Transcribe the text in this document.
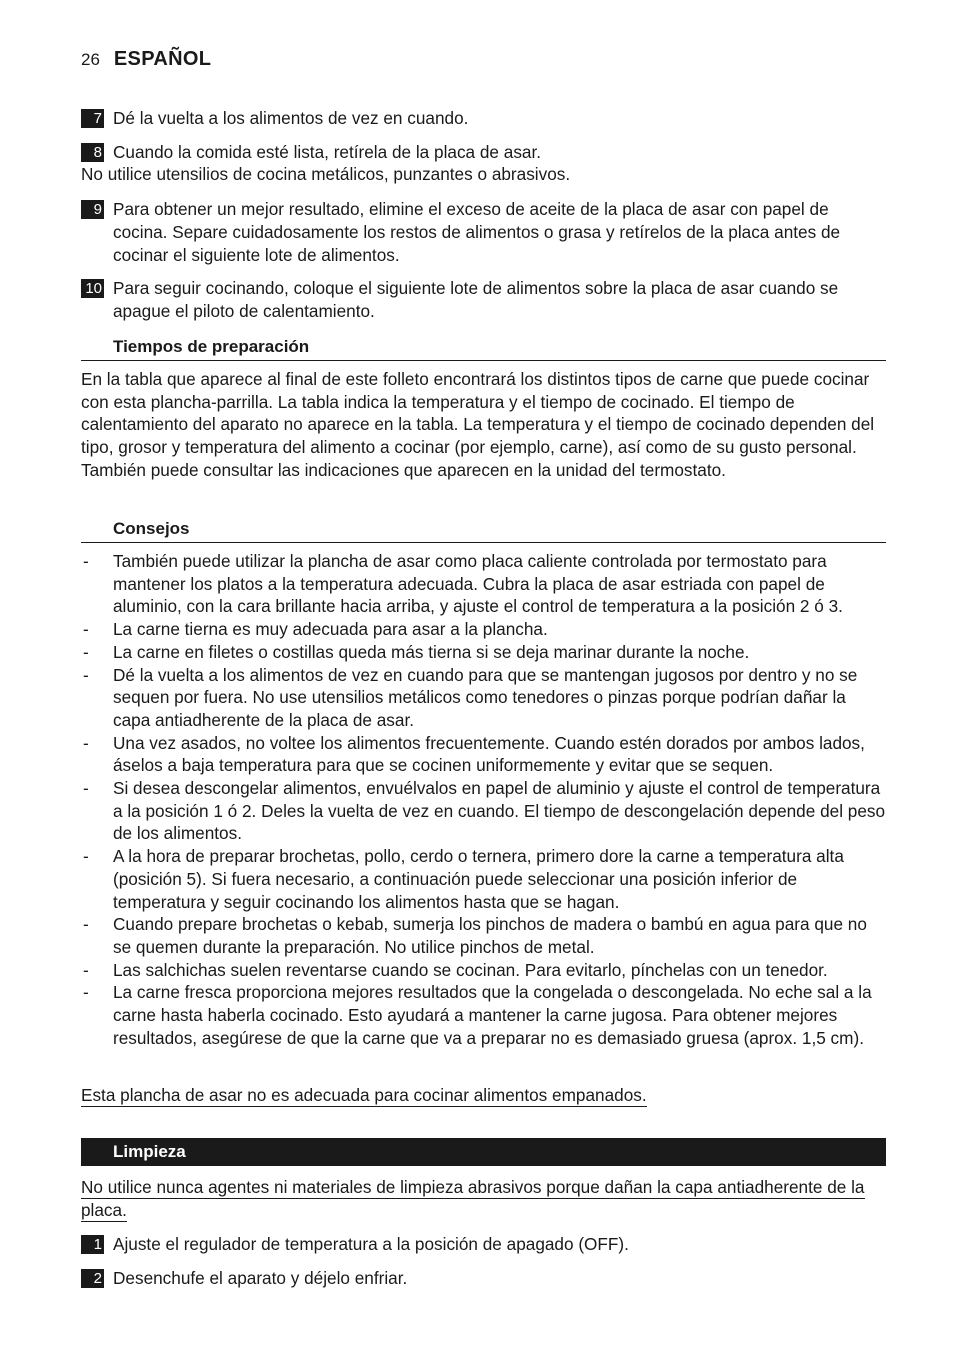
26 ESPAÑOL
7 Dé la vuelta a los alimentos de vez en cuando.
8 Cuando la comida esté lista, retírela de la placa de asar.
No utilice utensilios de cocina metálicos, punzantes o abrasivos.
9 Para obtener un mejor resultado, elimine el exceso de aceite de la placa de asar con papel de cocina. Separe cuidadosamente los restos de alimentos o grasa y retírelos de la placa antes de cocinar el siguiente lote de alimentos.
10 Para seguir cocinando, coloque el siguiente lote de alimentos sobre la placa de asar cuando se apague el piloto de calentamiento.
Tiempos de preparación
En la tabla que aparece al final de este folleto encontrará los distintos tipos de carne que puede cocinar con esta plancha-parrilla. La tabla indica la temperatura y el tiempo de cocinado. El tiempo de calentamiento del aparato no aparece en la tabla. La temperatura y el tiempo de cocinado dependen del tipo, grosor y temperatura del alimento a cocinar (por ejemplo, carne), así como de su gusto personal. También puede consultar las indicaciones que aparecen en la unidad del termostato.
Consejos
- También puede utilizar la plancha de asar como placa caliente controlada por termostato para mantener los platos a la temperatura adecuada. Cubra la placa de asar estriada con papel de aluminio, con la cara brillante hacia arriba, y ajuste el control de temperatura a la posición 2 ó 3.
- La carne tierna es muy adecuada para asar a la plancha.
- La carne en filetes o costillas queda más tierna si se deja marinar durante la noche.
- Dé la vuelta a los alimentos de vez en cuando para que se mantengan jugosos por dentro y no se sequen por fuera. No use utensilios metálicos como tenedores o pinzas porque podrían dañar la capa antiadherente de la placa de asar.
- Una vez asados, no voltee los alimentos frecuentemente. Cuando estén dorados por ambos lados, áselos a baja temperatura para que se cocinen uniformemente y evitar que se sequen.
- Si desea descongelar alimentos, envuélvalos en papel de aluminio y ajuste el control de temperatura a la posición 1 ó 2. Deles la vuelta de vez en cuando. El tiempo de descongelación depende del peso de los alimentos.
- A la hora de preparar brochetas, pollo, cerdo o ternera, primero dore la carne a temperatura alta (posición 5). Si fuera necesario, a continuación puede seleccionar una posición inferior de temperatura y seguir cocinando los alimentos hasta que se hagan.
- Cuando prepare brochetas o kebab, sumerja los pinchos de madera o bambú en agua para que no se quemen durante la preparación. No utilice pinchos de metal.
- Las salchichas suelen reventarse cuando se cocinan. Para evitarlo, pínchelas con un tenedor.
- La carne fresca proporciona mejores resultados que la congelada o descongelada. No eche sal a la carne hasta haberla cocinado. Esto ayudará a mantener la carne jugosa. Para obtener mejores resultados, asegúrese de que la carne que va a preparar no es demasiado gruesa (aprox. 1,5 cm).
Esta plancha de asar no es adecuada para cocinar alimentos empanados.
Limpieza
No utilice nunca agentes ni materiales de limpieza abrasivos porque dañan la capa antiadherente de la placa.
1 Ajuste el regulador de temperatura a la posición de apagado (OFF).
2 Desenchufe el aparato y déjelo enfriar.
